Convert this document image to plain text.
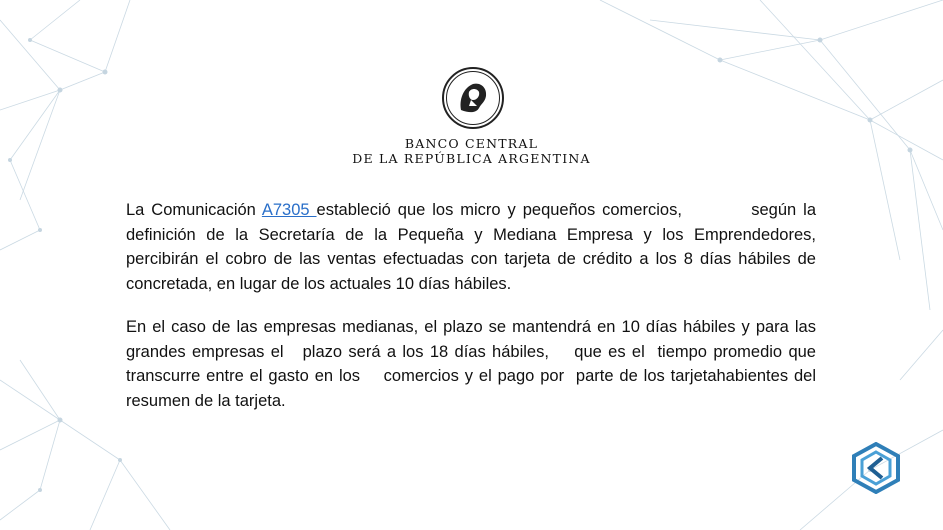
BANCO CENTRAL
DE LA REPÚBLICA ARGENTINA
La Comunicación A7305 estableció que los micro y pequeños comercios,          según la definición de la Secretaría de la Pequeña y Mediana Empresa y los Emprendedores, percibirán el cobro de las ventas efectuadas con tarjeta de crédito a los 8 días hábiles de concretada, en lugar de los actuales 10 días hábiles.
En el caso de las empresas medianas, el plazo se mantendrá en 10 días hábiles y para las grandes empresas el   plazo será a los 18 días hábiles,    que es el  tiempo promedio que transcurre entre el gasto en los    comercios y el pago por  parte de los tarjetahabientes del resumen de la tarjeta.
